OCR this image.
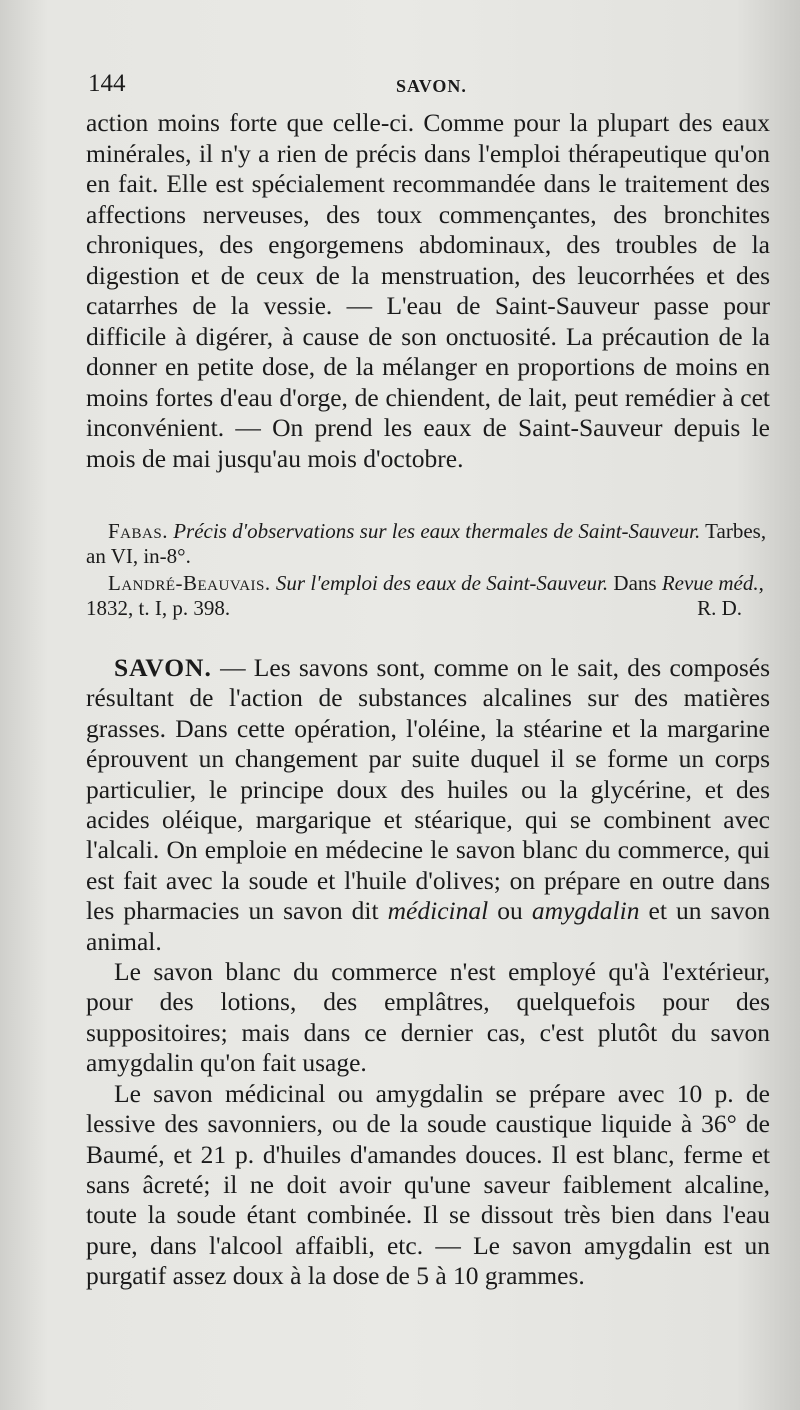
144	SAVON.

action moins forte que celle-ci. Comme pour la plupart des eaux minérales, il n'y a rien de précis dans l'emploi thérapeutique qu'on en fait. Elle est spécialement recommandée dans le traitement des affections nerveuses, des toux commençantes, des bronchites chroniques, des engorgemens abdominaux, des troubles de la digestion et de ceux de la menstruation, des leucorrhées et des catarrhes de la vessie. — L'eau de Saint-Sauveur passe pour difficile à digérer, à cause de son onctuosité. La précaution de la donner en petite dose, de la mélanger en proportions de moins en moins fortes d'eau d'orge, de chiendent, de lait, peut remédier à cet inconvénient. — On prend les eaux de Saint-Sauveur depuis le mois de mai jusqu'au mois d'octobre.

Fabas. Précis d'observations sur les eaux thermales de Saint-Sauveur. Tarbes, an VI, in-8°.

Landré-Beauvais. Sur l'emploi des eaux de Saint-Sauveur. Dans Revue méd., 1832, t. I, p. 398.	R. D.

SAVON. — Les savons sont, comme on le sait, des composés résultant de l'action de substances alcalines sur des matières grasses. Dans cette opération, l'oléine, la stéarine et la margarine éprouvent un changement par suite duquel il se forme un corps particulier, le principe doux des huiles ou la glycérine, et des acides oléique, margarique et stéarique, qui se combinent avec l'alcali. On emploie en médecine le savon blanc du commerce, qui est fait avec la soude et l'huile d'olives; on prépare en outre dans les pharmacies un savon dit médicinal ou amygdalin et un savon animal.

Le savon blanc du commerce n'est employé qu'à l'extérieur, pour des lotions, des emplâtres, quelquefois pour des suppositoires; mais dans ce dernier cas, c'est plutôt du savon amygdalin qu'on fait usage.

Le savon médicinal ou amygdalin se prépare avec 10 p. de lessive des savonniers, ou de la soude caustique liquide à 36° de Baumé, et 21 p. d'huiles d'amandes douces. Il est blanc, ferme et sans âcreté; il ne doit avoir qu'une saveur faiblement alcaline, toute la soude étant combinée. Il se dissout très bien dans l'eau pure, dans l'alcool affaibli, etc. — Le savon amygdalin est un purgatif assez doux à la dose de 5 à 10 grammes.
